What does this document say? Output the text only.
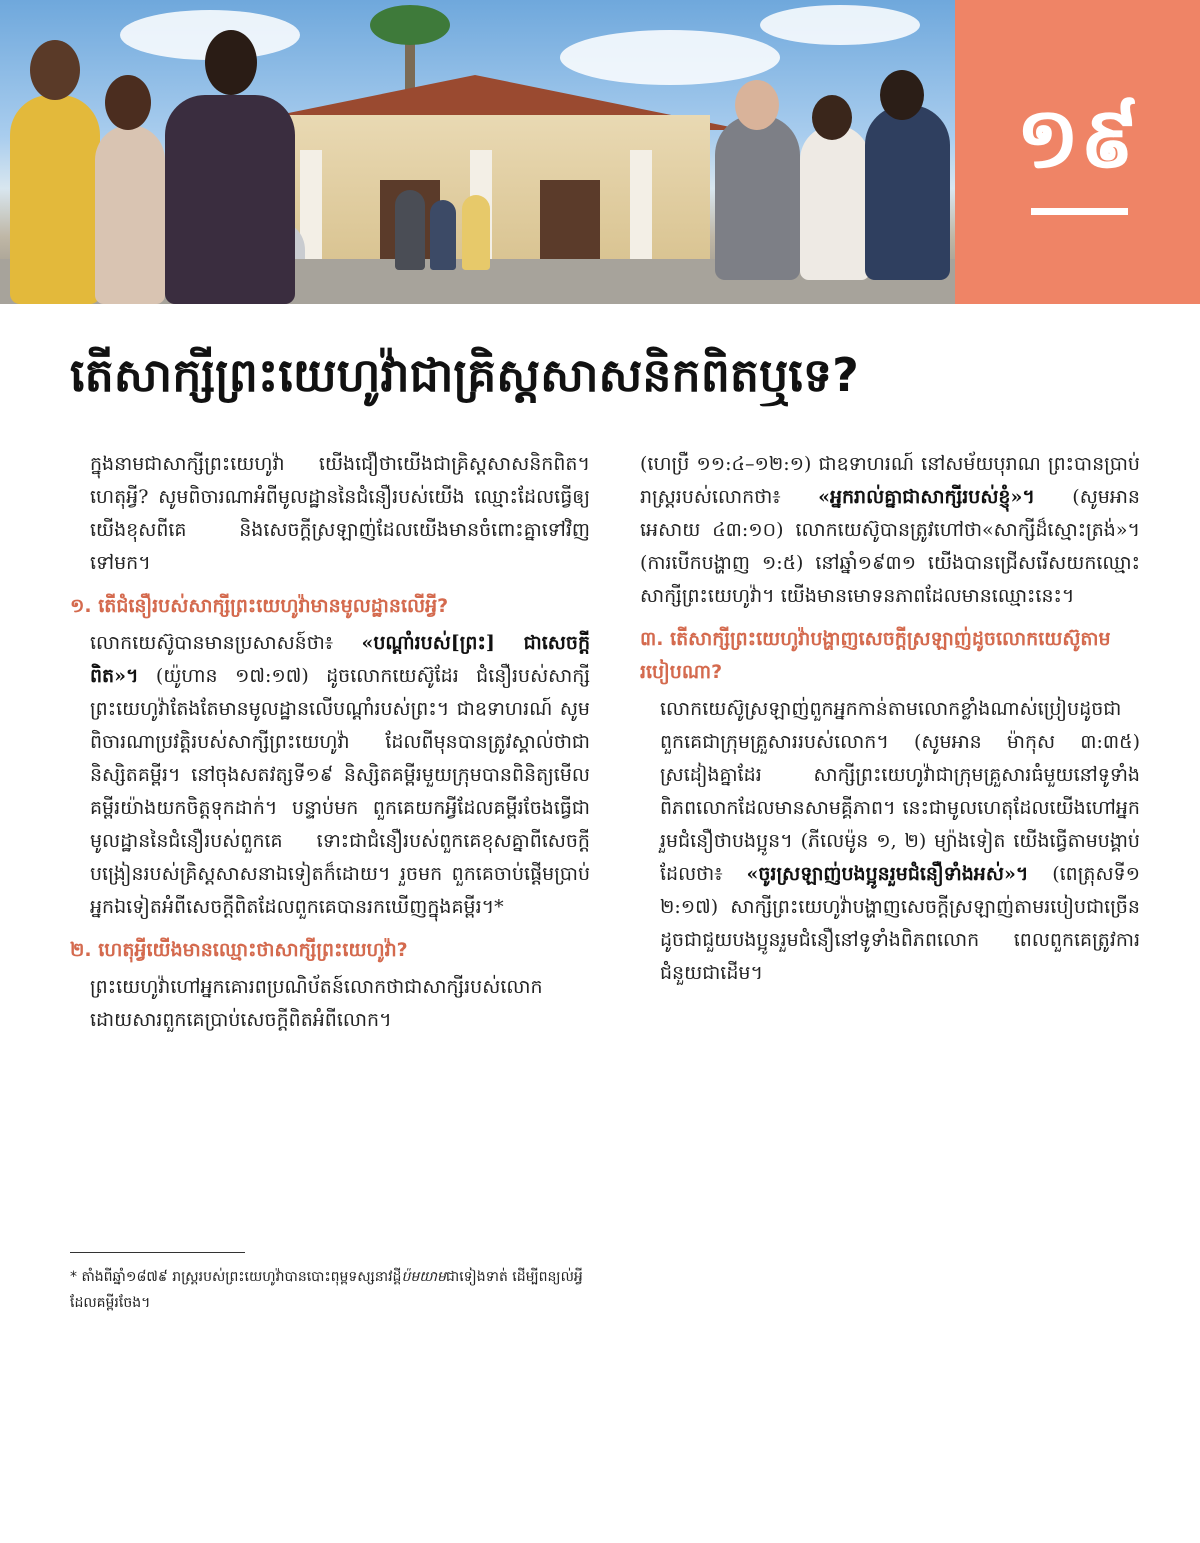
១៩
តើសាក្សីព្រះយេហូវ៉ាជាគ្រិស្តសាសនិកពិតឬទេ?

ក្នុងនាមជាសាក្សីព្រះយេហូវ៉ា យើងជឿថាយើងជាគ្រិស្តសាសនិកពិត។ ហេតុអ្វី? សូមពិចារណាអំពីមូលដ្ឋាននៃជំនឿរបស់យើង ឈ្មោះដែលធ្វើឲ្យយើងខុសពីគេ និងសេចក្ដីស្រឡាញ់ដែលយើងមានចំពោះគ្នាទៅវិញទៅមក។

១. តើជំនឿរបស់សាក្សីព្រះយេហូវ៉ាមានមូលដ្ឋានលើអ្វី?

លោកយេស៊ូបានមានប្រសាសន៍ថា៖ «បណ្ដាំរបស់[ព្រះ] ជាសេចក្ដីពិត»។ (យ៉ូហាន ១៧:១៧) ដូចលោកយេស៊ូដែរ ជំនឿរបស់សាក្សីព្រះយេហូវ៉ាតែងតែមានមូលដ្ឋានលើបណ្ដាំរបស់ព្រះ។ ជាឧទាហរណ៍ សូមពិចារណាប្រវត្តិរបស់សាក្សីព្រះយេហូវ៉ា ដែលពីមុនបានត្រូវស្គាល់ថាជានិស្សិតគម្ពីរ។ នៅចុងសតវត្សទី១៩ និស្សិតគម្ពីរមួយក្រុមបានពិនិត្យមើលគម្ពីរយ៉ាងយកចិត្តទុកដាក់។ បន្ទាប់មក ពួកគេយកអ្វីដែលគម្ពីរចែងធ្វើជាមូលដ្ឋាននៃជំនឿរបស់ពួកគេ ទោះជាជំនឿរបស់ពួកគេខុសគ្នាពីសេចក្ដីបង្រៀនរបស់គ្រិស្តសាសនាឯទៀតក៏ដោយ។ រួចមក ពួកគេចាប់ផ្ដើមប្រាប់អ្នកឯទៀតអំពីសេចក្ដីពិតដែលពួកគេបានរកឃើញក្នុងគម្ពីរ។*

២. ហេតុអ្វីយើងមានឈ្មោះថាសាក្សីព្រះយេហូវ៉ា?

ព្រះយេហូវ៉ាហៅអ្នកគោរពប្រណិប័តន៍លោកថាជាសាក្សីរបស់លោក ដោយសារពួកគេប្រាប់សេចក្ដីពិតអំពីលោក។

* តាំងពីឆ្នាំ១៨៧៩ រាស្ត្ររបស់ព្រះយេហូវ៉ាបានបោះពុម្ពទស្សនាវដ្ដីប៉មយាមជាទៀងទាត់ ដើម្បីពន្យល់អ្វីដែលគម្ពីរចែង។

(ហេប្រឺ ១១:៤–១២:១) ជាឧទាហរណ៍ នៅសម័យបុរាណ ព្រះបានប្រាប់រាស្ត្ររបស់លោកថា៖ «អ្នករាល់គ្នាជាសាក្សីរបស់ខ្ញុំ»។ (សូមអាន អេសាយ ៤៣:១០) លោកយេស៊ូបានត្រូវហៅថា«សាក្សីដ៏ស្មោះត្រង់»។ (ការបើកបង្ហាញ ១:៥) នៅឆ្នាំ១៩៣១ យើងបានជ្រើសរើសយកឈ្មោះសាក្សីព្រះយេហូវ៉ា។ យើងមានមោទនភាពដែលមានឈ្មោះនេះ។

៣. តើសាក្សីព្រះយេហូវ៉ាបង្ហាញសេចក្ដីស្រឡាញ់ដូចលោកយេស៊ូតាមរបៀបណា?

លោកយេស៊ូស្រឡាញ់ពួកអ្នកកាន់តាមលោកខ្លាំងណាស់ប្រៀបដូចជាពួកគេជាក្រុមគ្រួសាររបស់លោក។ (សូមអាន ម៉ាកុស ៣:៣៥) ស្រដៀងគ្នាដែរ សាក្សីព្រះយេហូវ៉ាជាក្រុមគ្រួសារធំមួយនៅទូទាំងពិភពលោកដែលមានសាមគ្គីភាព។ នេះជាមូលហេតុដែលយើងហៅអ្នករួមជំនឿថាបងប្អូន។ (ភីលេម៉ូន ១, ២) ម្យ៉ាងទៀត យើងធ្វើតាមបង្គាប់ដែលថា៖ «ចូរស្រឡាញ់បងប្អូនរួមជំនឿទាំងអស់»។ (ពេត្រុសទី១ ២:១៧) សាក្សីព្រះយេហូវ៉ាបង្ហាញសេចក្ដីស្រឡាញ់តាមរបៀបជាច្រើន ដូចជាជួយបងប្អូនរួមជំនឿនៅទូទាំងពិភពលោក ពេលពួកគេត្រូវការជំនួយជាដើម។
